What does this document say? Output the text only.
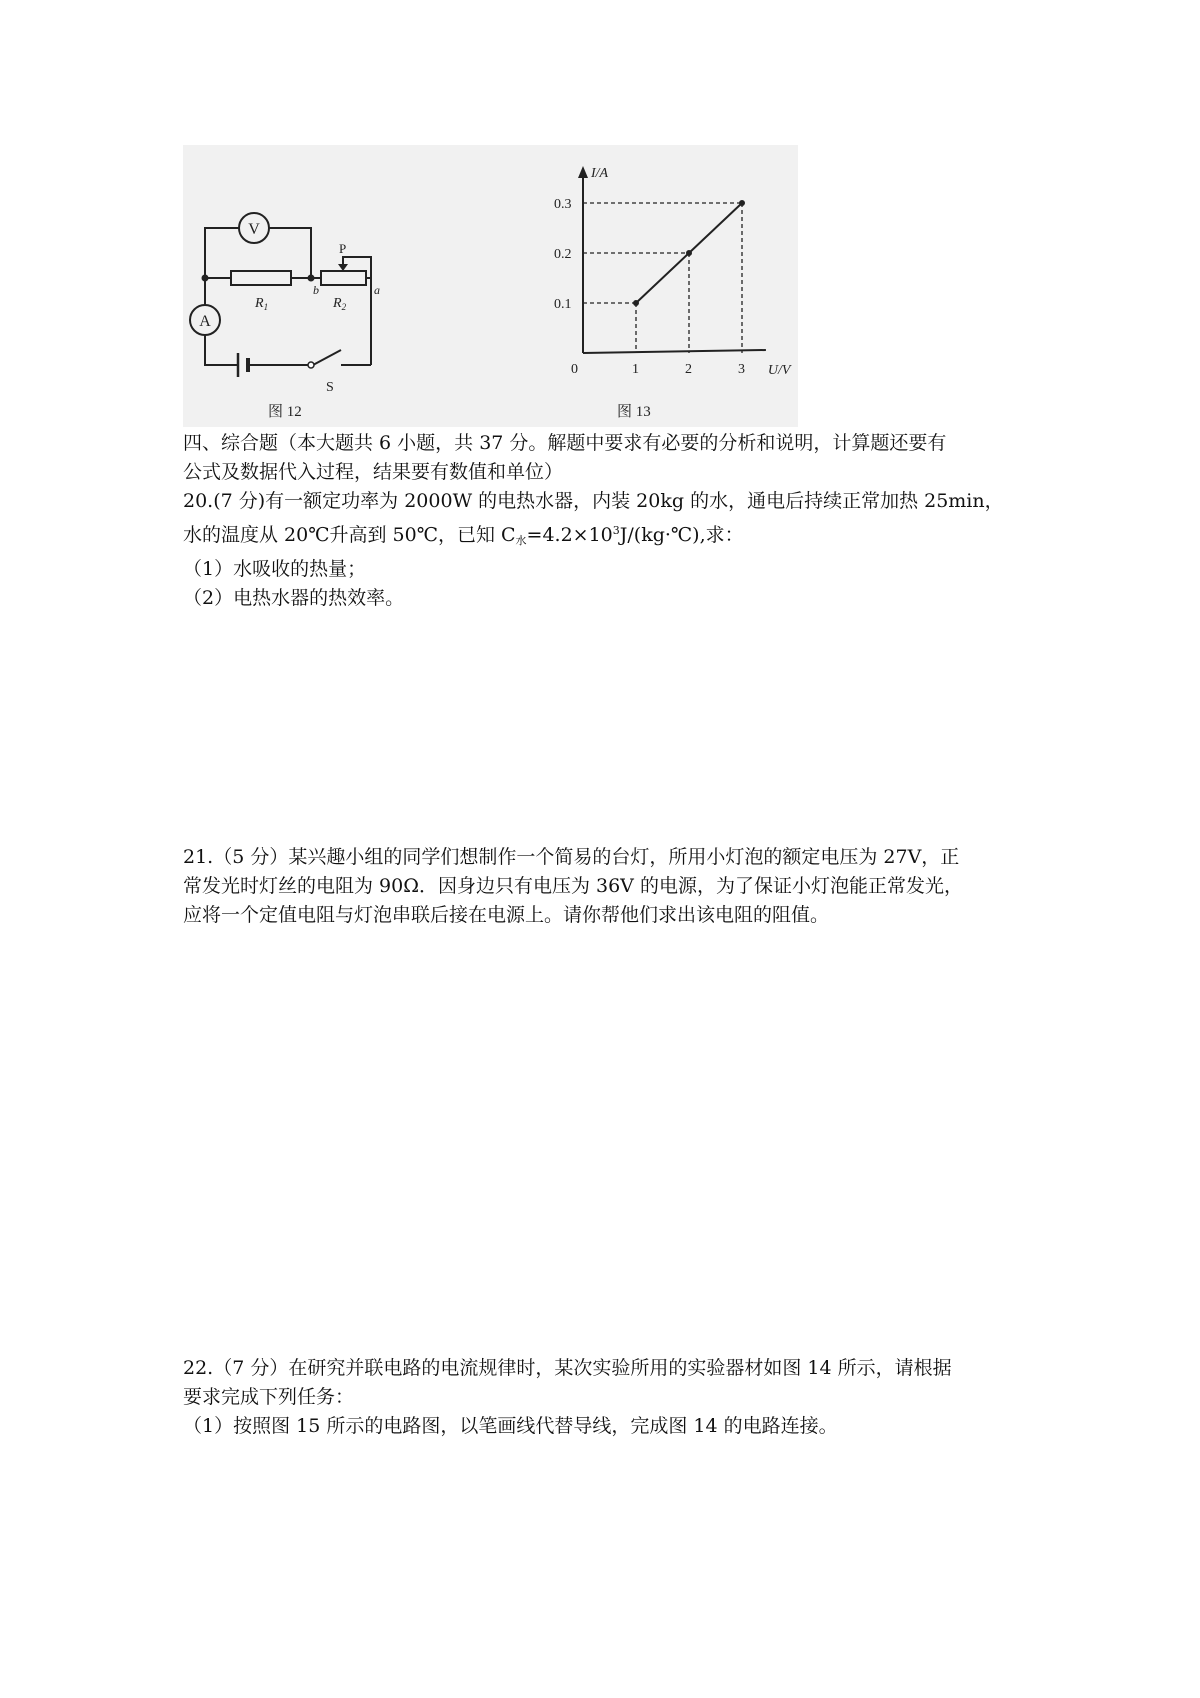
V
A
$R_1$	$R_2$
P
b	a
S
图 12
I/A
U/V
0	1
0.1
2
0.2
3
0.3
图 13
四、综合题（本大题共 6 小题，共 37 分。解题中要求有必要的分析和说明，计算题还要有
公式及数据代入过程，结果要有数值和单位）
20.(7 分)有一额定功率为 2000W 的电热水器，内装 20kg 的水，通电后持续正常加热 25min，
水的温度从 20℃升高到 50℃，已知 $C_水=4.2\times 10^3J/(kg\cdot℃)$,求：
（1）水吸收的热量；
（2）电热水器的热效率。
21.（5 分）某兴趣小组的同学们想制作一个简易的台灯，所用小灯泡的额定电压为 27V，正
常发光时灯丝的电阻为 90Ω．因身边只有电压为 36V 的电源，为了保证小灯泡能正常发光，
应将一个定值电阻与灯泡串联后接在电源上。请你帮他们求出该电阻的阻值。
22.（7 分）在研究并联电路的电流规律时，某次实验所用的实验器材如图 14 所示，请根据
要求完成下列任务：
（1）按照图 15 所示的电路图，以笔画线代替导线，完成图 14 的电路连接。
